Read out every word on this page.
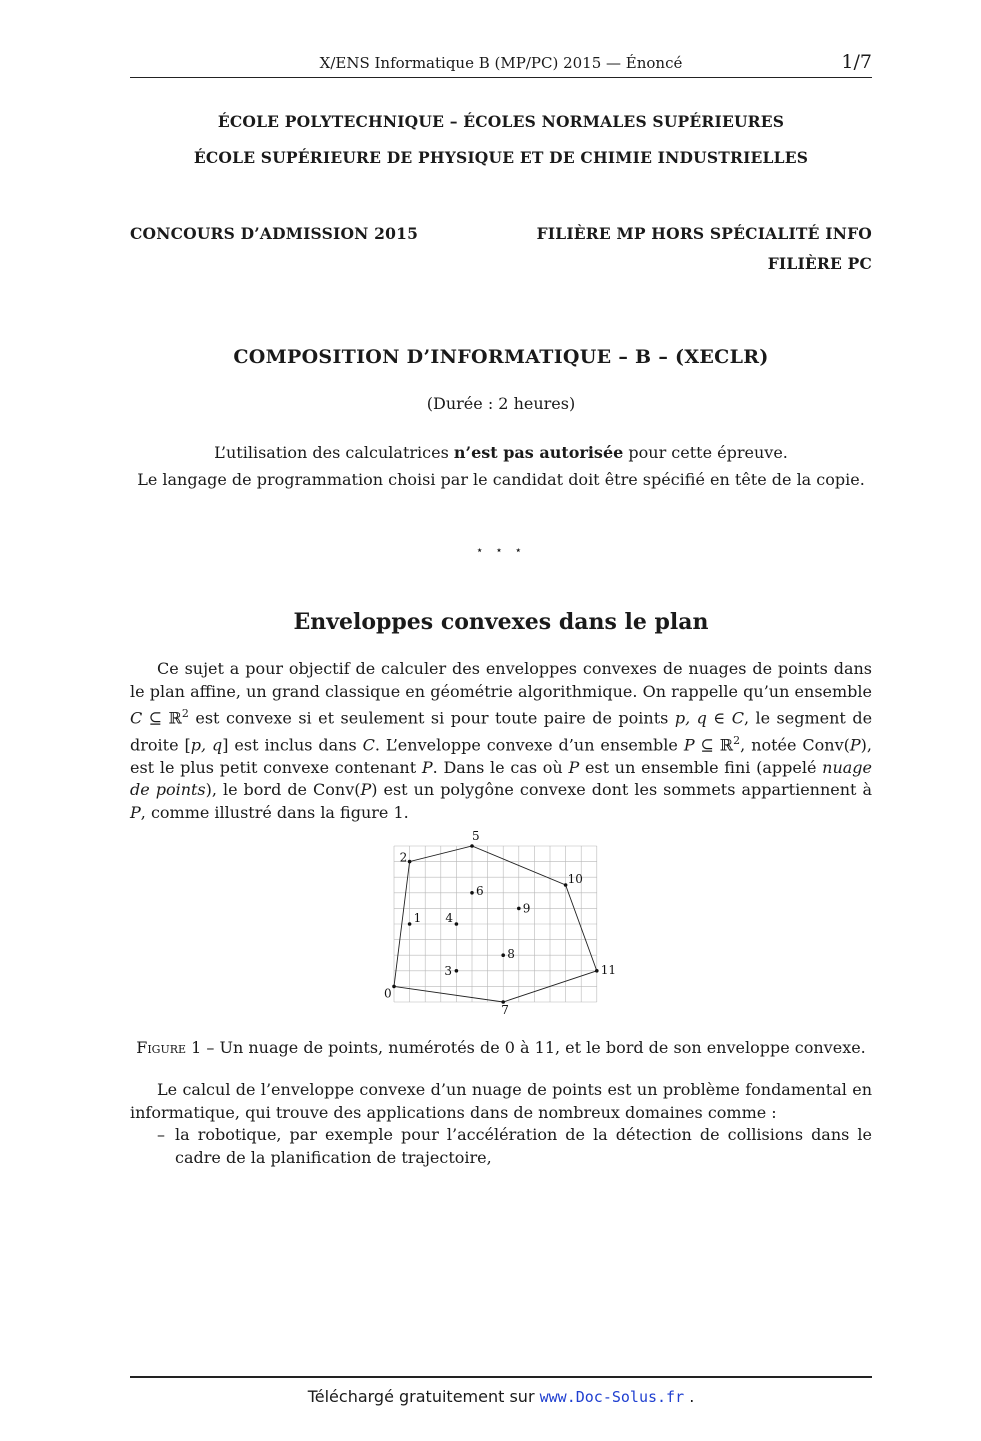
X/ENS Informatique B (MP/PC) 2015 — Énoncé	1/7
ÉCOLE POLYTECHNIQUE – ÉCOLES NORMALES SUPÉRIEURES
ÉCOLE SUPÉRIEURE DE PHYSIQUE ET DE CHIMIE INDUSTRIELLES
CONCOURS D’ADMISSION 2015	FILIÈRE MP HORS SPÉCIALITÉ INFO
FILIÈRE PC
COMPOSITION D’INFORMATIQUE – B – (XECLR)
(Durée : 2 heures)
L’utilisation des calculatrices n’est pas autorisée pour cette épreuve.
Le langage de programmation choisi par le candidat doit être spécifié en tête de la copie.
⋆ ⋆ ⋆
Enveloppes convexes dans le plan
Ce sujet a pour objectif de calculer des enveloppes convexes de nuages de points dans le plan affine, un grand classique en géométrie algorithmique. On rappelle qu’un ensemble C ⊆ ℝ$^2$ est convexe si et seulement si pour toute paire de points p, q ∈ C, le segment de droite [p, q] est inclus dans C. L’enveloppe convexe d’un ensemble P ⊆ ℝ$^2$, notée Conv(P), est le plus petit convexe contenant P. Dans le cas où P est un ensemble fini (appelé nuage de points), le bord de Conv(P) est un polygône convexe dont les sommets appartiennent à P, comme illustré dans la figure 1.
0
1
2
3
4
5
6
7
8
9
10
11
Figure 1 – Un nuage de points, numérotés de 0 à 11, et le bord de son enveloppe convexe.
Le calcul de l’enveloppe convexe d’un nuage de points est un problème fondamental en informatique, qui trouve des applications dans de nombreux domaines comme :
– la robotique, par exemple pour l’accélération de la détection de collisions dans le cadre de la planification de trajectoire,
Téléchargé gratuitement sur www.Doc-Solus.fr .
